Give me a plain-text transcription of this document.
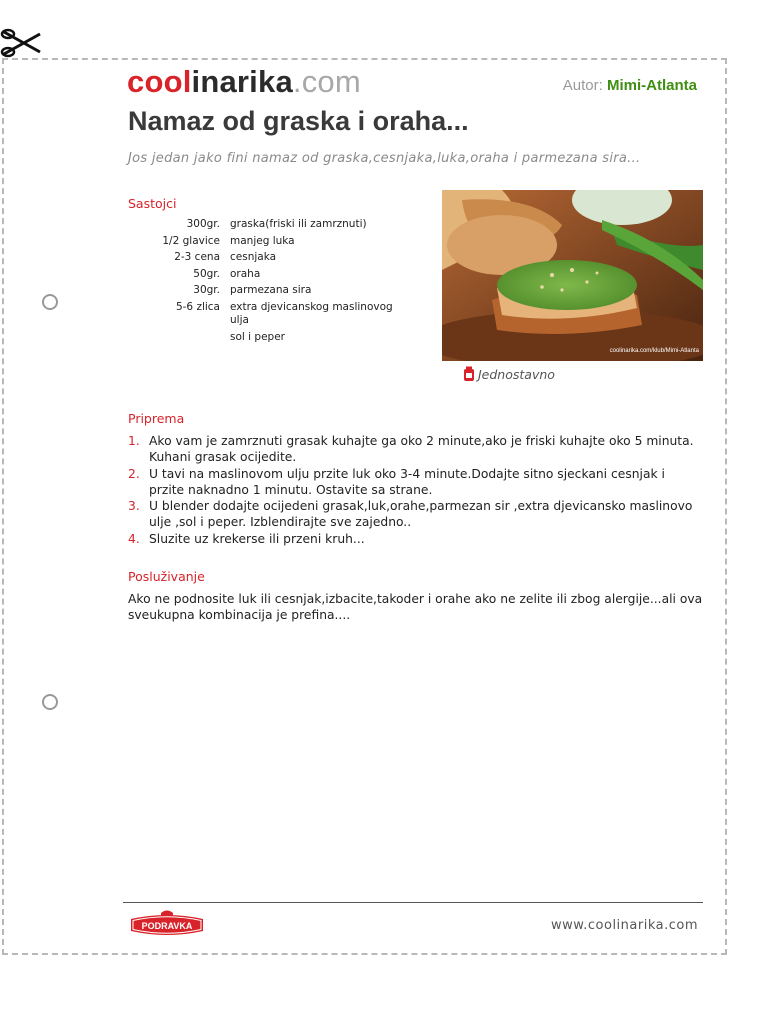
coolinarika.com	Autor: Mimi-Atlanta
Namaz od graska i oraha...
Jos jedan jako fini namaz od graska,cesnjaka,luka,oraha i parmezana sira...
Sastojci
300gr.	graska(friski ili zamrznuti)
1/2 glavice	manjeg luka
2-3 cena	cesnjaka
50gr.	oraha
30gr.	parmezana sira
5-6 zlica	extra djevicanskog maslinovog ulja
	sol i peper
coolinarika.com/klub/Mimi-Atlanta
Jednostavno
Priprema
1. Ako vam je zamrznuti grasak kuhajte ga oko 2 minute,ako je friski kuhajte oko 5 minuta. Kuhani grasak ocijedite.
2. U tavi na maslinovom ulju przite luk oko 3-4 minute.Dodajte sitno sjeckani cesnjak i przite naknadno 1 minutu. Ostavite sa strane.
3. U blender dodajte ocijedeni grasak,luk,orahe,parmezan sir ,extra djevicansko maslinovo ulje ,sol i peper. Izblendirajte sve zajedno..
4. Sluzite uz krekerse ili przeni kruh...
Posluživanje
Ako ne podnosite luk ili cesnjak,izbacite,takoder i orahe ako ne zelite ili zbog alergije...ali ova sveukupna kombinacija je prefina....
PODRAVKA	www.coolinarika.com
